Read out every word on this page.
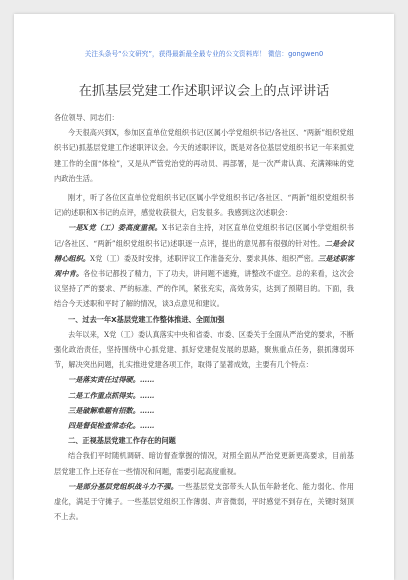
关注头条号“公文研究”，获得最新最全最专业的公文资料库！ 微信：gongwen0
在抓基层党建工作述职评议会上的点评讲话

各位领导、同志们：

今天很高兴到X，参加区直单位党组织书记(区属小学党组织书记/各社区、“两新”组织党组织书记)抓基层党建工作述职评议会。今天的述职评议，既是对各位基层党组织书记一年来抓党建工作的全面“体检”，又是从严管党治党的再动员、再部署，是一次严肃认真、充满辣味的党内政治生活。

刚才，听了各位区直单位党组织书记(区属小学党组织书记/各社区、“两新”组织党组织书记)的述职和X书记的点评，感觉收获很大，启发很多。我感到这次述职会：

一是X党（工）委高度重视。X书记亲自主持，对区直单位党组织书记(区属小学党组织书记/各社区、“两新”组织党组织书记)述职逐一点评，提出的意见都有很强的针对性。二是会议精心组织。X党（工）委及时安排，述职评议工作准备充分、要求具体、组织严密。三是述职客观中肯。各位书记都投了精力，下了功夫，讲问题不遮掩，讲整改不虚空。总的来看，这次会议坚持了严的要求、严的标准、严的作风，紧张充实，高效务实，达到了预期目的。下面，我结合今天述职和平时了解的情况，谈3点意见和建议。

一、过去一年X基层党建工作整体推进、全面加强

去年以来，X党（工）委认真落实中央和省委、市委、区委关于全面从严治党的要求，不断强化政治责任，坚持围绕中心抓党建、抓好党建促发展的思路，聚焦重点任务，狠抓薄弱环节，解决突出问题，扎实推进党建各项工作，取得了显著成效，主要有几个特点：

一是落实责任过得硬。……

二是工作重点抓得实。……

三是破解难题有招数。……

四是督促检查常态化。……

二、正视基层党建工作存在的问题

结合我们平时随机调研、暗访督查掌握的情况，对照全面从严治党更新更高要求，目前基层党建工作上还存在一些情况和问题，需要引起高度重视。

一是部分基层党组织战斗力不强。一些基层党支部带头人队伍年龄老化、能力弱化、作用虚化，满足于守摊子。一些基层党组织工作薄弱、声音微弱，平时感觉不到存在，关键时刻顶不上去。
